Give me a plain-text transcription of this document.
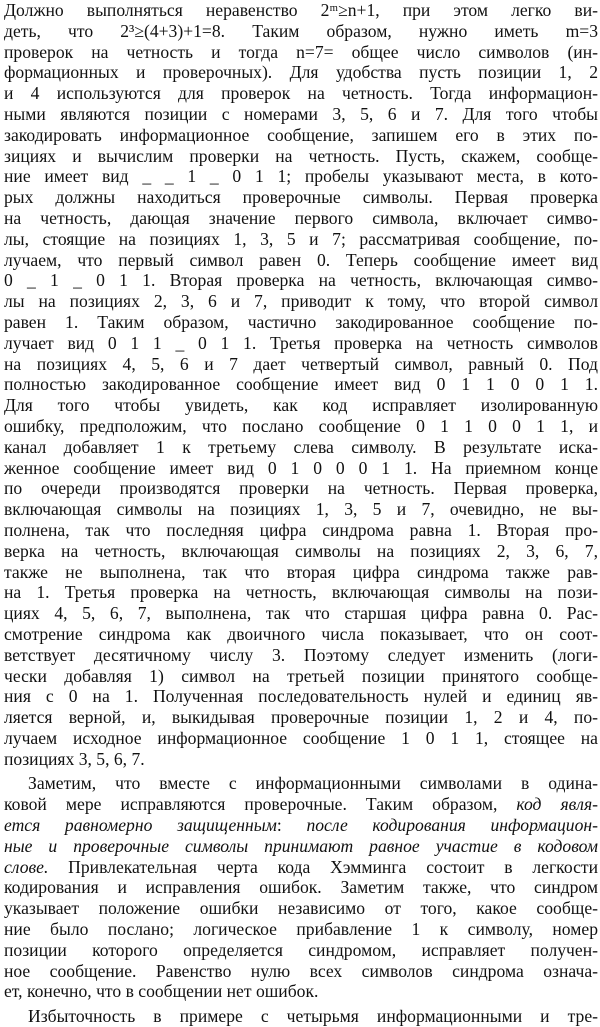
Должно выполняться неравенство 2ᵐ≥n+1, при этом легко ви-
деть, что 2³≥(4+3)+1=8. Таким образом, нужно иметь m=3
проверок на четность и тогда n=7= общее число символов (ин-
формационных и проверочных). Для удобства пусть позиции 1, 2
и 4 используются для проверок на четность. Тогда информацион-
ными являются позиции с номерами 3, 5, 6 и 7. Для того чтобы
закодировать информационное сообщение, запишем его в этих по-
зициях и вычислим проверки на четность. Пусть, скажем, сообще-
ние имеет вид _ _ 1 _ 0 1 1; пробелы указывают места, в кото-
рых должны находиться проверочные символы. Первая проверка
на четность, дающая значение первого символа, включает симво-
лы, стоящие на позициях 1, 3, 5 и 7; рассматривая сообщение, по-
лучаем, что первый символ равен 0. Теперь сообщение имеет вид
0 _ 1 _ 0 1 1. Вторая проверка на четность, включающая симво-
лы на позициях 2, 3, 6 и 7, приводит к тому, что второй символ
равен 1. Таким образом, частично закодированное сообщение по-
лучает вид 0 1 1 _ 0 1 1. Третья проверка на четность символов
на позициях 4, 5, 6 и 7 дает четвертый символ, равный 0. Под
полностью закодированное сообщение имеет вид 0 1 1 0 0 1 1.
Для того чтобы увидеть, как код исправляет изолированную
ошибку, предположим, что послано сообщение 0 1 1 0 0 1 1, и
канал добавляет 1 к третьему слева символу. В результате иска-
женное сообщение имеет вид 0 1 0 0 0 1 1. На приемном конце
по очереди производятся проверки на четность. Первая проверка,
включающая символы на позициях 1, 3, 5 и 7, очевидно, не вы-
полнена, так что последняя цифра синдрома равна 1. Вторая про-
верка на четность, включающая символы на позициях 2, 3, 6, 7,
также не выполнена, так что вторая цифра синдрома также рав-
на 1. Третья проверка на четность, включающая символы на пози-
циях 4, 5, 6, 7, выполнена, так что старшая цифра равна 0. Рас-
смотрение синдрома как двоичного числа показывает, что он соот-
ветствует десятичному числу 3. Поэтому следует изменить (логи-
чески добавляя 1) символ на третьей позиции принятого сообще-
ния с 0 на 1. Полученная последовательность нулей и единиц яв-
ляется верной, и, выкидывая проверочные позиции 1, 2 и 4, по-
лучаем исходное информационное сообщение 1 0 1 1, стоящее на
позициях 3, 5, 6, 7.
Заметим, что вместе с информационными символами в одина-
ковой мере исправляются проверочные. Таким образом, код явля-
ется равномерно защищенным: после кодирования информацион-
ные и проверочные символы принимают равное участие в кодовом
слове. Привлекательная черта кода Хэмминга состоит в легкости
кодирования и исправления ошибок. Заметим также, что синдром
указывает положение ошибки независимо от того, какое сообще-
ние было послано; логическое прибавление 1 к символу, номер
позиции которого определяется синдромом, исправляет получен-
ное сообщение. Равенство нулю всех символов синдрома означа-
ет, конечно, что в сообщении нет ошибок.
Избыточность в примере с четырьмя информационными и тре-
